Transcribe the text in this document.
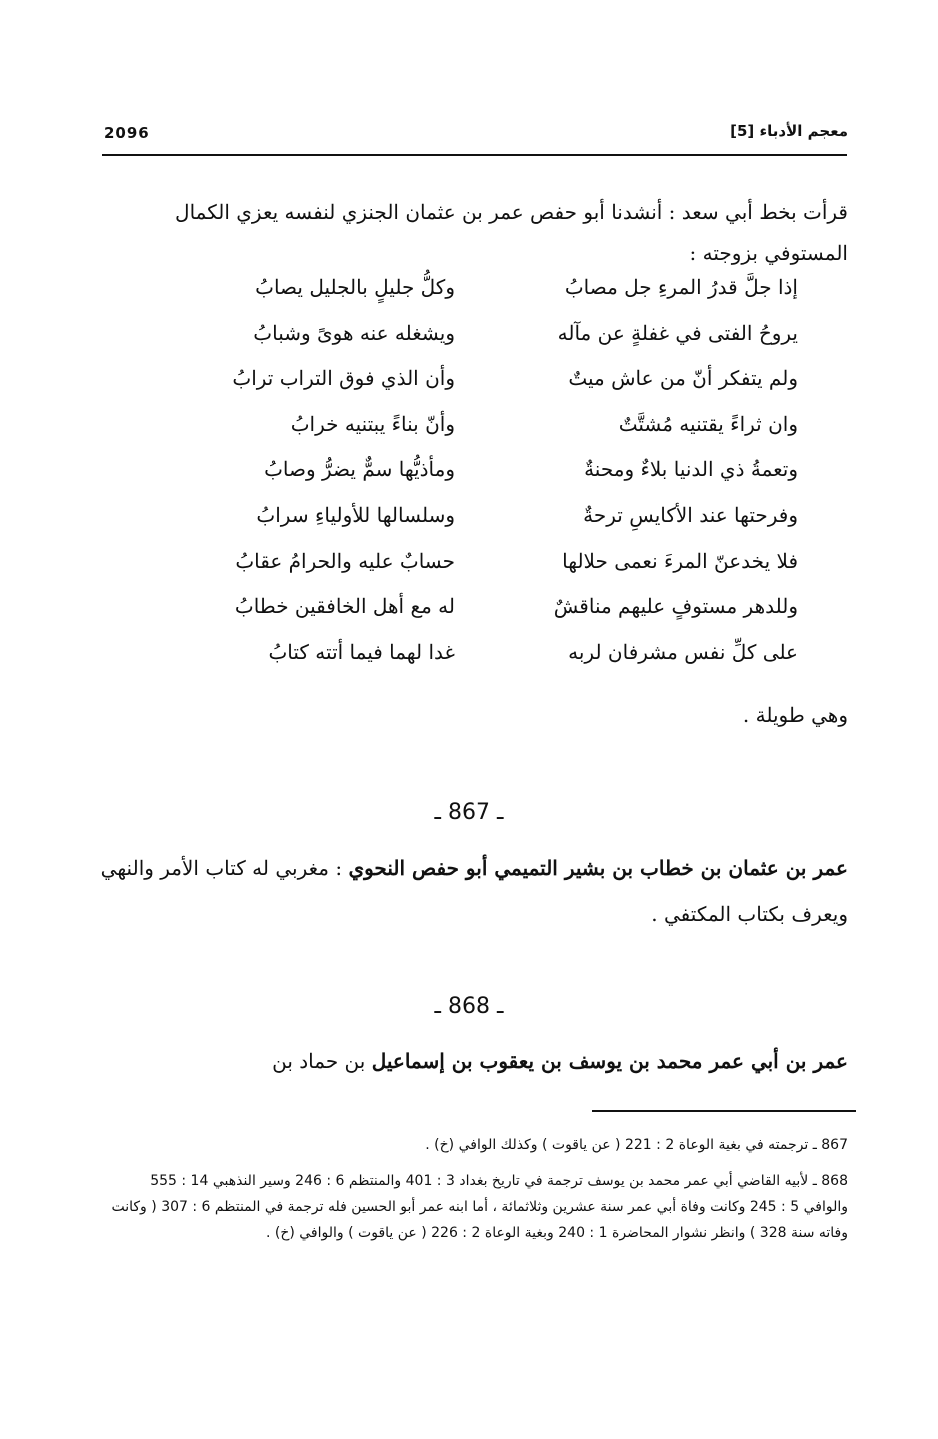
معجم الأدباء [5]
2096
قرأت بخط أبي سعد : أنشدنا أبو حفص عمر بن عثمان الجنزي لنفسه يعزي الكمال المستوفي بزوجته :
إذا جلَّ قدرُ المرءِ جل مصابُ
وكلُّ جليلٍ بالجليل يصابُ
يروحُ الفتى في غفلةٍ عن مآله
ويشغله عنه هوىً وشبابُ
ولم يتفكر أنّ من عاش ميتٌ
وأن الذي فوق التراب ترابُ
وان ثراءً يقتنيه مُشتَّتٌ
وأنّ بناءً يبتنيه خرابُ
وتعمةُ ذي الدنيا بلاءٌ ومحنةٌ
ومأذيُّها سمٌّ يضرُّ وصابُ
وفرحتها عند الأكايسِ ترحةٌ
وسلسالها للأولياءِ سرابُ
فلا يخدعنّ المرءَ نعمى حلالها
حسابٌ عليه والحرامُ عقابُ
وللدهر مستوفٍ عليهم مناقشٌ
له مع أهل الخافقين خطابُ
على كلِّ نفس مشرفان لربه
غدا لهما فيما أتته كتابُ
وهي طويلة .
ـ 867 ـ
عمر بن عثمان بن خطاب بن بشير التميمي أبو حفص النحوي : مغربي له كتاب الأمر والنهي ويعرف بكتاب المكتفي .
ـ 868 ـ
عمر بن أبي عمر محمد بن يوسف بن يعقوب بن إسماعيل بن حماد بن
867 ـ ترجمته في بغية الوعاة 2 : 221 ( عن ياقوت ) وكذلك الوافي (خ) .
868 ـ لأبيه القاضي أبي عمر محمد بن يوسف ترجمة في تاريخ بغداد 3 : 401 والمنتظم 6 : 246 وسير النذهبي 14 : 555 والوافي 5 : 245 وكانت وفاة أبي عمر سنة عشرين وثلاثمائة ، أما ابنه عمر أبو الحسين فله ترجمة في المنتظم 6 : 307 ( وكانت وفاته سنة 328 ) وانظر نشوار المحاضرة 1 : 240 وبغية الوعاة 2 : 226 ( عن ياقوت ) والوافي (خ) .
